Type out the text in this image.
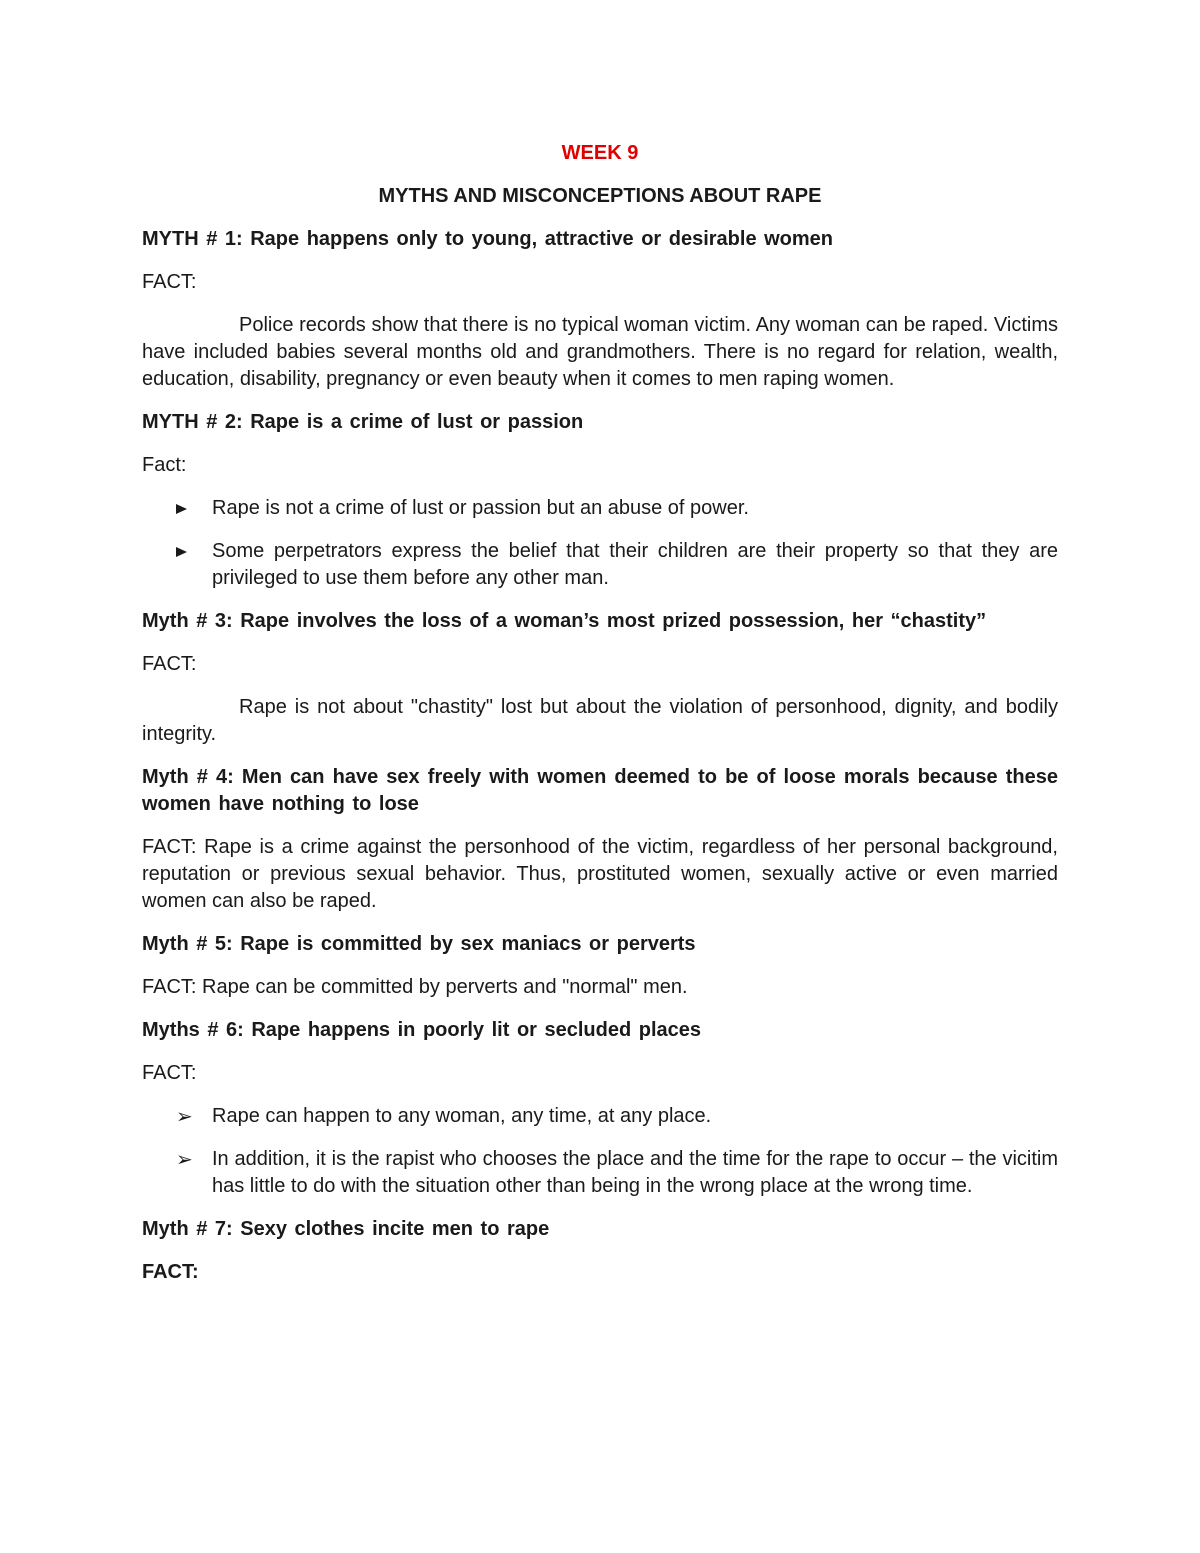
WEEK 9

MYTHS AND MISCONCEPTIONS ABOUT RAPE

MYTH # 1: Rape happens only to young, attractive or desirable women

FACT:

Police records show that there is no typical woman victim. Any woman can be raped. Victims have included babies several months old and grandmothers. There is no regard for relation, wealth, education, disability, pregnancy or even beauty when it comes to men raping women.

MYTH # 2: Rape is a crime of lust or passion

Fact:

Rape is not a crime of lust or passion but an abuse of power.
Some perpetrators express the belief that their children are their property so that they are privileged to use them before any other man.

Myth # 3: Rape involves the loss of a woman’s most prized possession, her “chastity”

FACT:

Rape is not about "chastity" lost but about the violation of personhood, dignity, and bodily integrity.

Myth # 4: Men can have sex freely with women deemed to be of loose morals because these women have nothing to lose

FACT: Rape is a crime against the personhood of the victim, regardless of her personal background, reputation or previous sexual behavior. Thus, prostituted women, sexually active or even married women can also be raped.

Myth # 5: Rape is committed by sex maniacs or perverts

FACT: Rape can be committed by perverts and "normal" men.

Myths # 6: Rape happens in poorly lit or secluded places

FACT:

➢ Rape can happen to any woman, any time, at any place.
➢ In addition, it is the rapist who chooses the place and the time for the rape to occur – the vicitim has little to do with the situation other than being in the wrong place at the wrong time.

Myth # 7: Sexy clothes incite men to rape

FACT:
